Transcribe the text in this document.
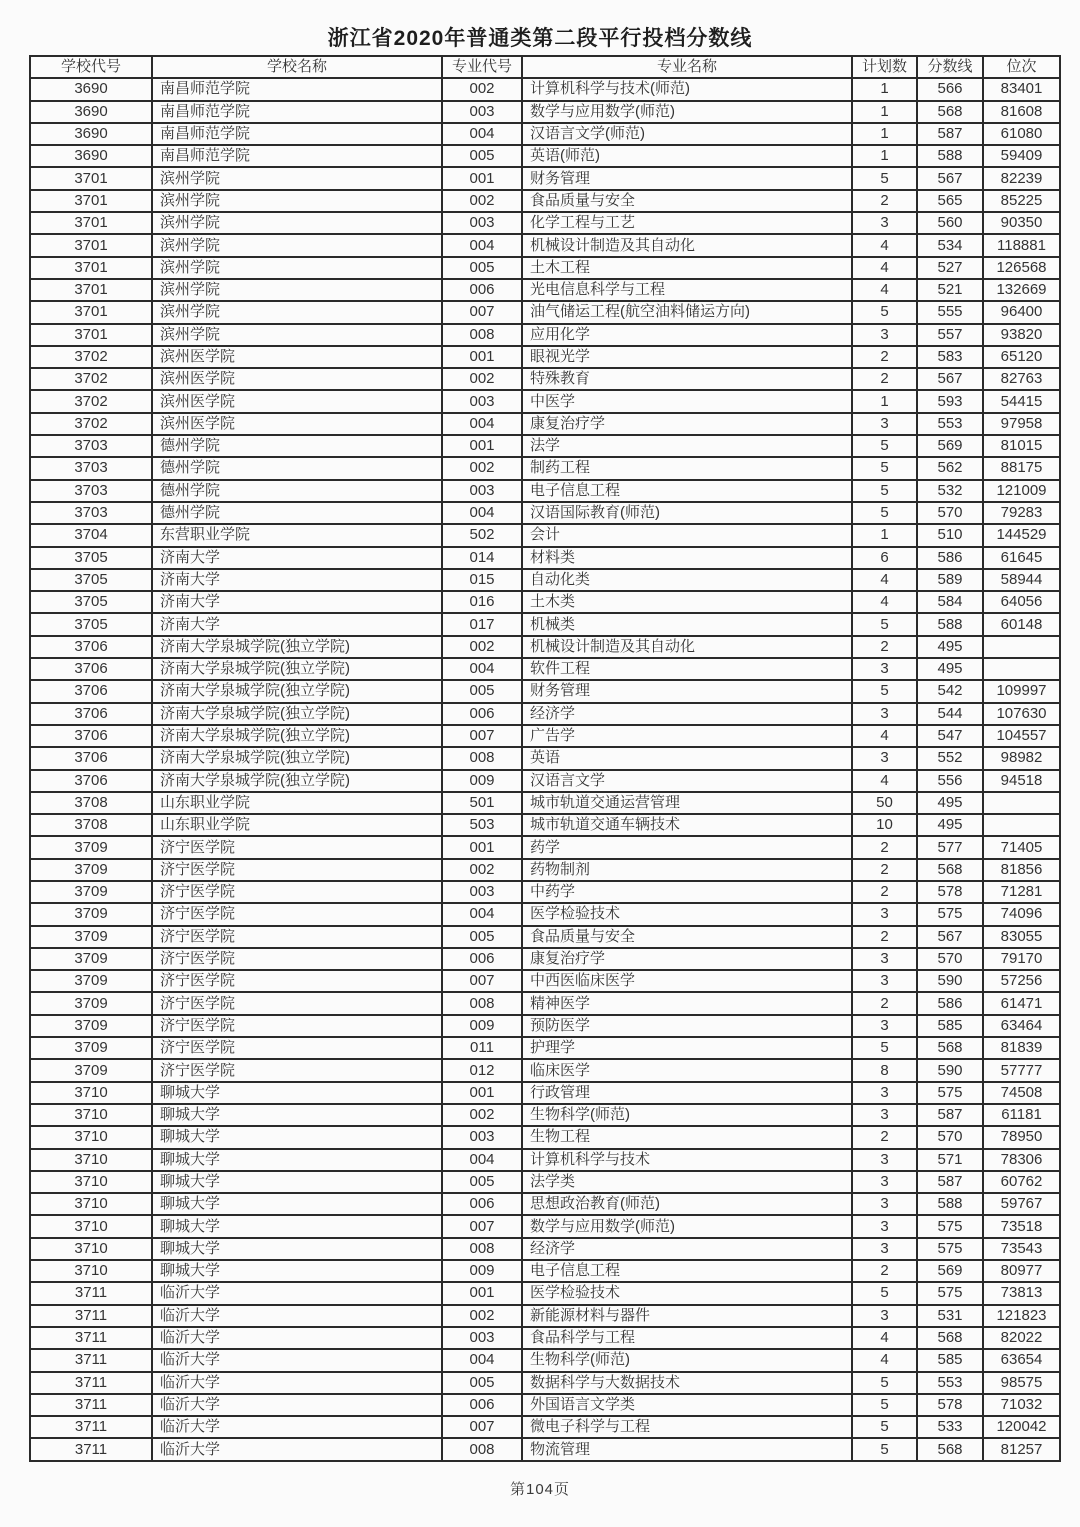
浙江省2020年普通类第二段平行投档分数线
学校代号	学校名称	专业代号	专业名称	计划数	分数线	位次
3690	南昌师范学院	002	计算机科学与技术(师范)	1	566	83401
3690	南昌师范学院	003	数学与应用数学(师范)	1	568	81608
3690	南昌师范学院	004	汉语言文学(师范)	1	587	61080
3690	南昌师范学院	005	英语(师范)	1	588	59409
3701	滨州学院	001	财务管理	5	567	82239
3701	滨州学院	002	食品质量与安全	2	565	85225
3701	滨州学院	003	化学工程与工艺	3	560	90350
3701	滨州学院	004	机械设计制造及其自动化	4	534	118881
3701	滨州学院	005	土木工程	4	527	126568
3701	滨州学院	006	光电信息科学与工程	4	521	132669
3701	滨州学院	007	油气储运工程(航空油料储运方向)	5	555	96400
3701	滨州学院	008	应用化学	3	557	93820
3702	滨州医学院	001	眼视光学	2	583	65120
3702	滨州医学院	002	特殊教育	2	567	82763
3702	滨州医学院	003	中医学	1	593	54415
3702	滨州医学院	004	康复治疗学	3	553	97958
3703	德州学院	001	法学	5	569	81015
3703	德州学院	002	制药工程	5	562	88175
3703	德州学院	003	电子信息工程	5	532	121009
3703	德州学院	004	汉语国际教育(师范)	5	570	79283
3704	东营职业学院	502	会计	1	510	144529
3705	济南大学	014	材料类	6	586	61645
3705	济南大学	015	自动化类	4	589	58944
3705	济南大学	016	土木类	4	584	64056
3705	济南大学	017	机械类	5	588	60148
3706	济南大学泉城学院(独立学院)	002	机械设计制造及其自动化	2	495	
3706	济南大学泉城学院(独立学院)	004	软件工程	3	495	
3706	济南大学泉城学院(独立学院)	005	财务管理	5	542	109997
3706	济南大学泉城学院(独立学院)	006	经济学	3	544	107630
3706	济南大学泉城学院(独立学院)	007	广告学	4	547	104557
3706	济南大学泉城学院(独立学院)	008	英语	3	552	98982
3706	济南大学泉城学院(独立学院)	009	汉语言文学	4	556	94518
3708	山东职业学院	501	城市轨道交通运营管理	50	495	
3708	山东职业学院	503	城市轨道交通车辆技术	10	495	
3709	济宁医学院	001	药学	2	577	71405
3709	济宁医学院	002	药物制剂	2	568	81856
3709	济宁医学院	003	中药学	2	578	71281
3709	济宁医学院	004	医学检验技术	3	575	74096
3709	济宁医学院	005	食品质量与安全	2	567	83055
3709	济宁医学院	006	康复治疗学	3	570	79170
3709	济宁医学院	007	中西医临床医学	3	590	57256
3709	济宁医学院	008	精神医学	2	586	61471
3709	济宁医学院	009	预防医学	3	585	63464
3709	济宁医学院	011	护理学	5	568	81839
3709	济宁医学院	012	临床医学	8	590	57777
3710	聊城大学	001	行政管理	3	575	74508
3710	聊城大学	002	生物科学(师范)	3	587	61181
3710	聊城大学	003	生物工程	2	570	78950
3710	聊城大学	004	计算机科学与技术	3	571	78306
3710	聊城大学	005	法学类	3	587	60762
3710	聊城大学	006	思想政治教育(师范)	3	588	59767
3710	聊城大学	007	数学与应用数学(师范)	3	575	73518
3710	聊城大学	008	经济学	3	575	73543
3710	聊城大学	009	电子信息工程	2	569	80977
3711	临沂大学	001	医学检验技术	5	575	73813
3711	临沂大学	002	新能源材料与器件	3	531	121823
3711	临沂大学	003	食品科学与工程	4	568	82022
3711	临沂大学	004	生物科学(师范)	4	585	63654
3711	临沂大学	005	数据科学与大数据技术	5	553	98575
3711	临沂大学	006	外国语言文学类	5	578	71032
3711	临沂大学	007	微电子科学与工程	5	533	120042
3711	临沂大学	008	物流管理	5	568	81257
第104页
